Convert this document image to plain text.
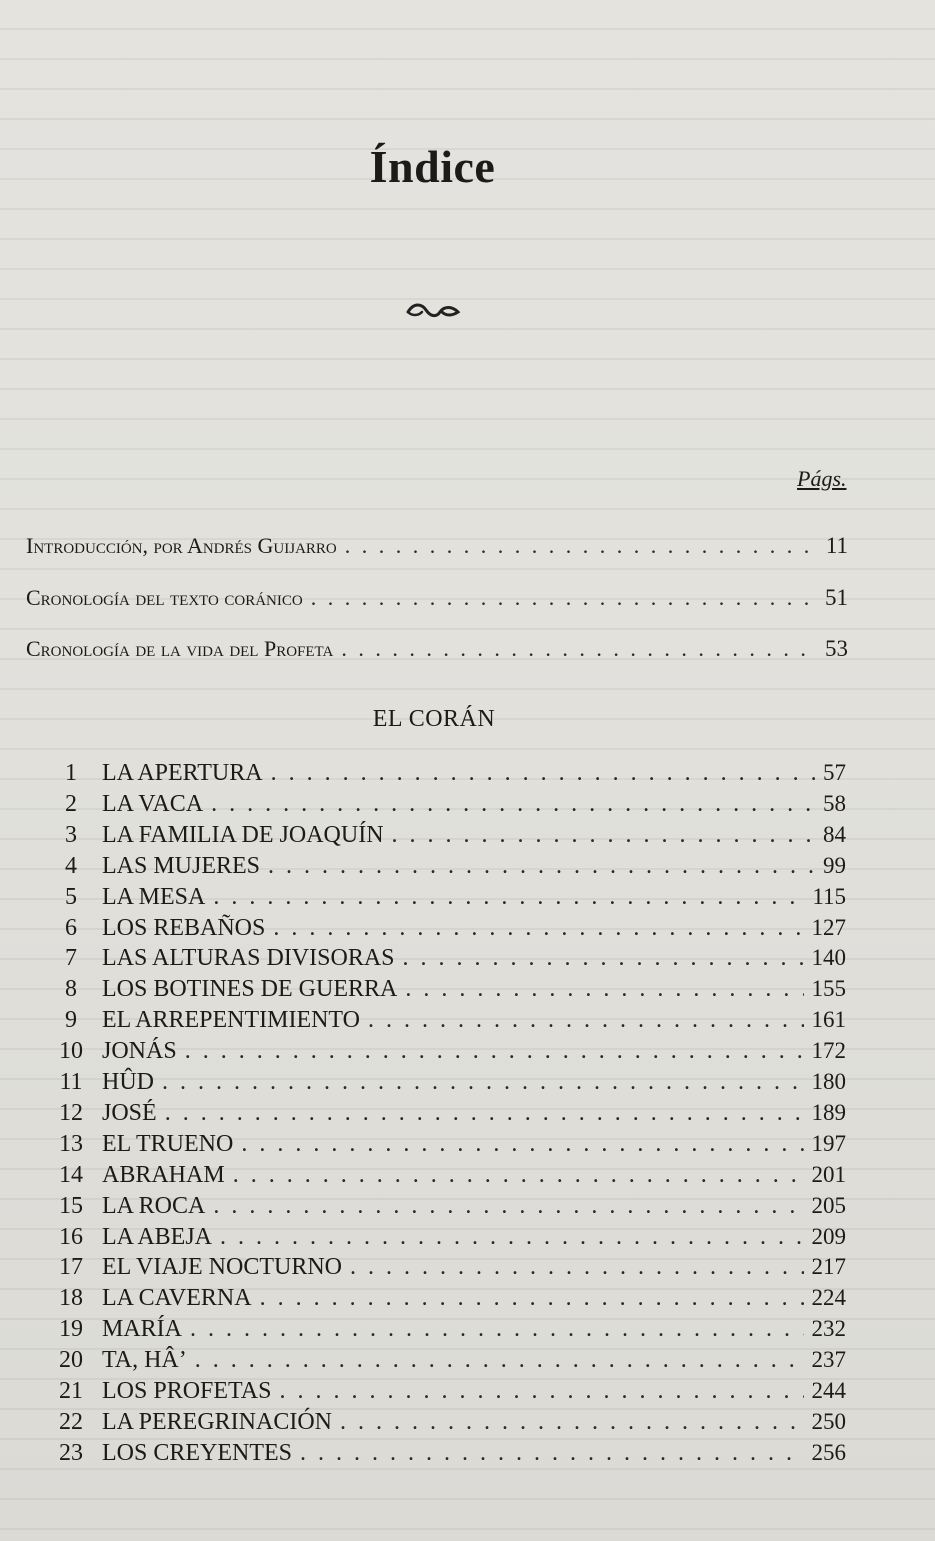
Índice
Págs.
Introducción, por Andrés Guijarro . . .	11
Cronología del texto coránico . . .	51
Cronología de la vida del Profeta . . .	53
EL CORÁN
1	LA APERTURA . . .	57
2	LA VACA . . .	58
3	LA FAMILIA DE JOAQUÍN . . .	84
4	LAS MUJERES . . .	99
5	LA MESA . . .	115
6	LOS REBAÑOS . . .	127
7	LAS ALTURAS DIVISORAS . . .	140
8	LOS BOTINES DE GUERRA . . .	155
9	EL ARREPENTIMIENTO . . .	161
10 JONÁS . . .	172
11 HÛD . . .	180
12 JOSÉ . . .	189
13 EL TRUENO . . .	197
14 ABRAHAM . . .	201
15 LA ROCA . . .	205
16 LA ABEJA . . .	209
17 EL VIAJE NOCTURNO . . .	217
18 LA CAVERNA . . .	224
19 MARÍA . . .	232
20 TA, HÂ’ . . .	237
21 LOS PROFETAS . . .	244
22 LA PEREGRINACIÓN . . .	250
23 LOS CREYENTES . . .	256
